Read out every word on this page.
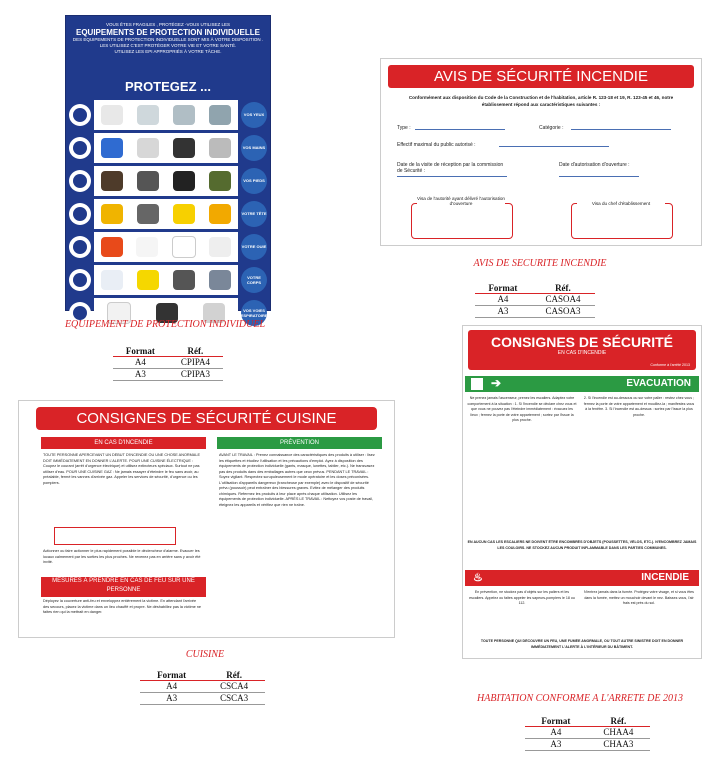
VOUS ÊTES FRAGILES , PROTÉGEZ -VOUS UTILISEZ LES
EQUIPEMENTS DE PROTECTION INDIVIDUELLE
DES EQUIPEMENTS DE PROTECTION INDIVIDUELLE SONT MIS À VOTRE DISPOSITION .
LES UTILISEZ C'EST PROTÉGER VOTRE VIE ET VOTRE SANTÉ.
UTILISEZ LES EPI APPROPRIÉS À VOTRE TÂCHE.
PROTEGEZ ...
VOS YEUX
VOS MAINS
VOS PIEDS
VOTRE TÊTE
VOTRE OUIE
VOTRE CORPS
VOS VOIES RESPIRATOIRES
EQUIPEMENT DE PROTECTION INDIVIDUEL
Format	Réf.
A4	CPIPA4
A3	CPIPA3
AVIS DE SÉCURITÉ INCENDIE
Conformément aux disposition du Code de la Construction et de l'habitation, article R. 123-18 et 19, R. 123-45 et 46, notre établissement répond aux caractéristiques suivantes :
Type :	Catégorie :
Effectif maximal du public autorisé :
Date de la visite de réception par la commission de Sécurité :
Date d'autorisation d'ouverture :
Visa de l'autorité ayant délivré l'autorisation d'ouverture	Visa du chef d'établissement
AVIS DE SECURITE INCENDIE
Format	Réf.
A4	CASOA4
A3	CASOA3
CONSIGNES DE SÉCURITÉ CUISINE
EN CAS D'INCENDIE	PRÉVENTION
TOUTE PERSONNE APERCEVANT UN DÉBUT D'INCENDIE OU UNE CHOSE ANORMALE DOIT IMMÉDIATEMENT EN DONNER L'ALERTE. POUR UNE CUISINE ÉLECTRIQUE : Coupez le courant (arrêt d'urgence électrique) et utilisez extincteurs spéciaux. Surtout ne pas utiliser d'eau. POUR UNE CUISINE GAZ : Ne jamais essayer d'éteindre le feu sans avoir, au préalable, fermé les vannes d'arrivée gaz. Appeler les services de sécurité, d'urgence ou les pompiers.
Actionner ou faire actionner le plus rapidement possible le déclencheur d'alarme. Evacuer les locaux calmement par les sorties les plus proches. Ne revenez pas en arrière sans y avoir été invité.
MESURES À PRENDRE EN CAS DE FEU SUR UNE PERSONNE
Déployez la couverture anti-feu et enveloppez entièrement la victime. En attendant l'arrivée des secours, placez la victime dans un lieu chauffé et propre. Ne déshabillez pas la victime ne faites rien qui la mettrait en danger.
AVANT LE TRAVAIL : Prenez connaissance des caractéristiques des produits à utiliser : lisez les étiquettes et étudiez l'utilisation et les précautions d'emploi. Ayez à disposition des équipements de protection individuelle (gants, masque, lunettes, tablier, etc.). Ne transvasez pas des produits dans des emballages autres que ceux prévus. PENDANT LE TRAVAIL : Soyez vigilant. Respectez scrupuleusement le mode opératoire et les doses préconisées. L'utilisation d'appareils dangereux (trancheuse par exemple) avec le dispositif de sécurité prévu (poussoir) peut entraîner des blessures graves. Evitez de mélanger des produits chimiques. Refermez les produits à leur place après chaque utilisation. Utilisez les équipements de protection individuelle. APRÈS LE TRAVAIL : Nettoyez vos poste de travail, éteignez les appareils et vérifiez que rien ne traîne.
CUISINE
Format	Réf.
A4	CSCA4
A3	CSCA3
CONSIGNES DE SÉCURITÉ
EN CAS D'INCENDIE
Conforme à l'arrêté 2013
➔	EVACUATION
Ne prenez jamais l'ascenseur, prenez les escaliers. Adaptez votre comportement à la situation : 1. Si l'incendie se déclare chez vous et que vous ne pouvez pas l'éteindre immédiatement : évacuez les lieux ; fermez la porte de votre appartement ; sortez par l'issue la plus proche.
2. Si l'incendie est au-dessous ou sur votre palier : restez chez vous ; fermez la porte de votre appartement et mouillez-la ; manifestez-vous à la fenêtre. 3. Si l'incendie est au-dessus : sortez par l'issue la plus proche.
EN AUCUN CAS LES ESCALIERS NE DOIVENT ÊTRE ENCOMBRÉS D'OBJETS (POUSSETTES, VÉLOS, ETC.). N'ENCOMBREZ JAMAIS LES COULOIRS. NE STOCKEZ AUCUN PRODUIT INFLAMMABLE DANS LES PARTIES COMMUNES.
♨	INCENDIE
En prévention, ne stockez pas d'objets sur les paliers et les escaliers. Appelez ou faites appeler les sapeurs-pompiers le 18 ou 112.
N'entrez jamais dans la fumée. Protégez votre visage, et si vous êtes dans la fumée, mettez un mouchoir devant le nez. Baissez-vous, l'air frais est près du sol.
TOUTE PERSONNE QUI DÉCOUVRE UN FEU, UNE FUMÉE ANORMALE, OU TOUT AUTRE SINISTRE DOIT EN DONNER IMMÉDIATEMENT L'ALERTE À L'INTÉRIEUR DU BÂTIMENT.
HABITATION CONFORME A L'ARRETE DE 2013
Format	Réf.
A4	CHAA4
A3	CHAA3
